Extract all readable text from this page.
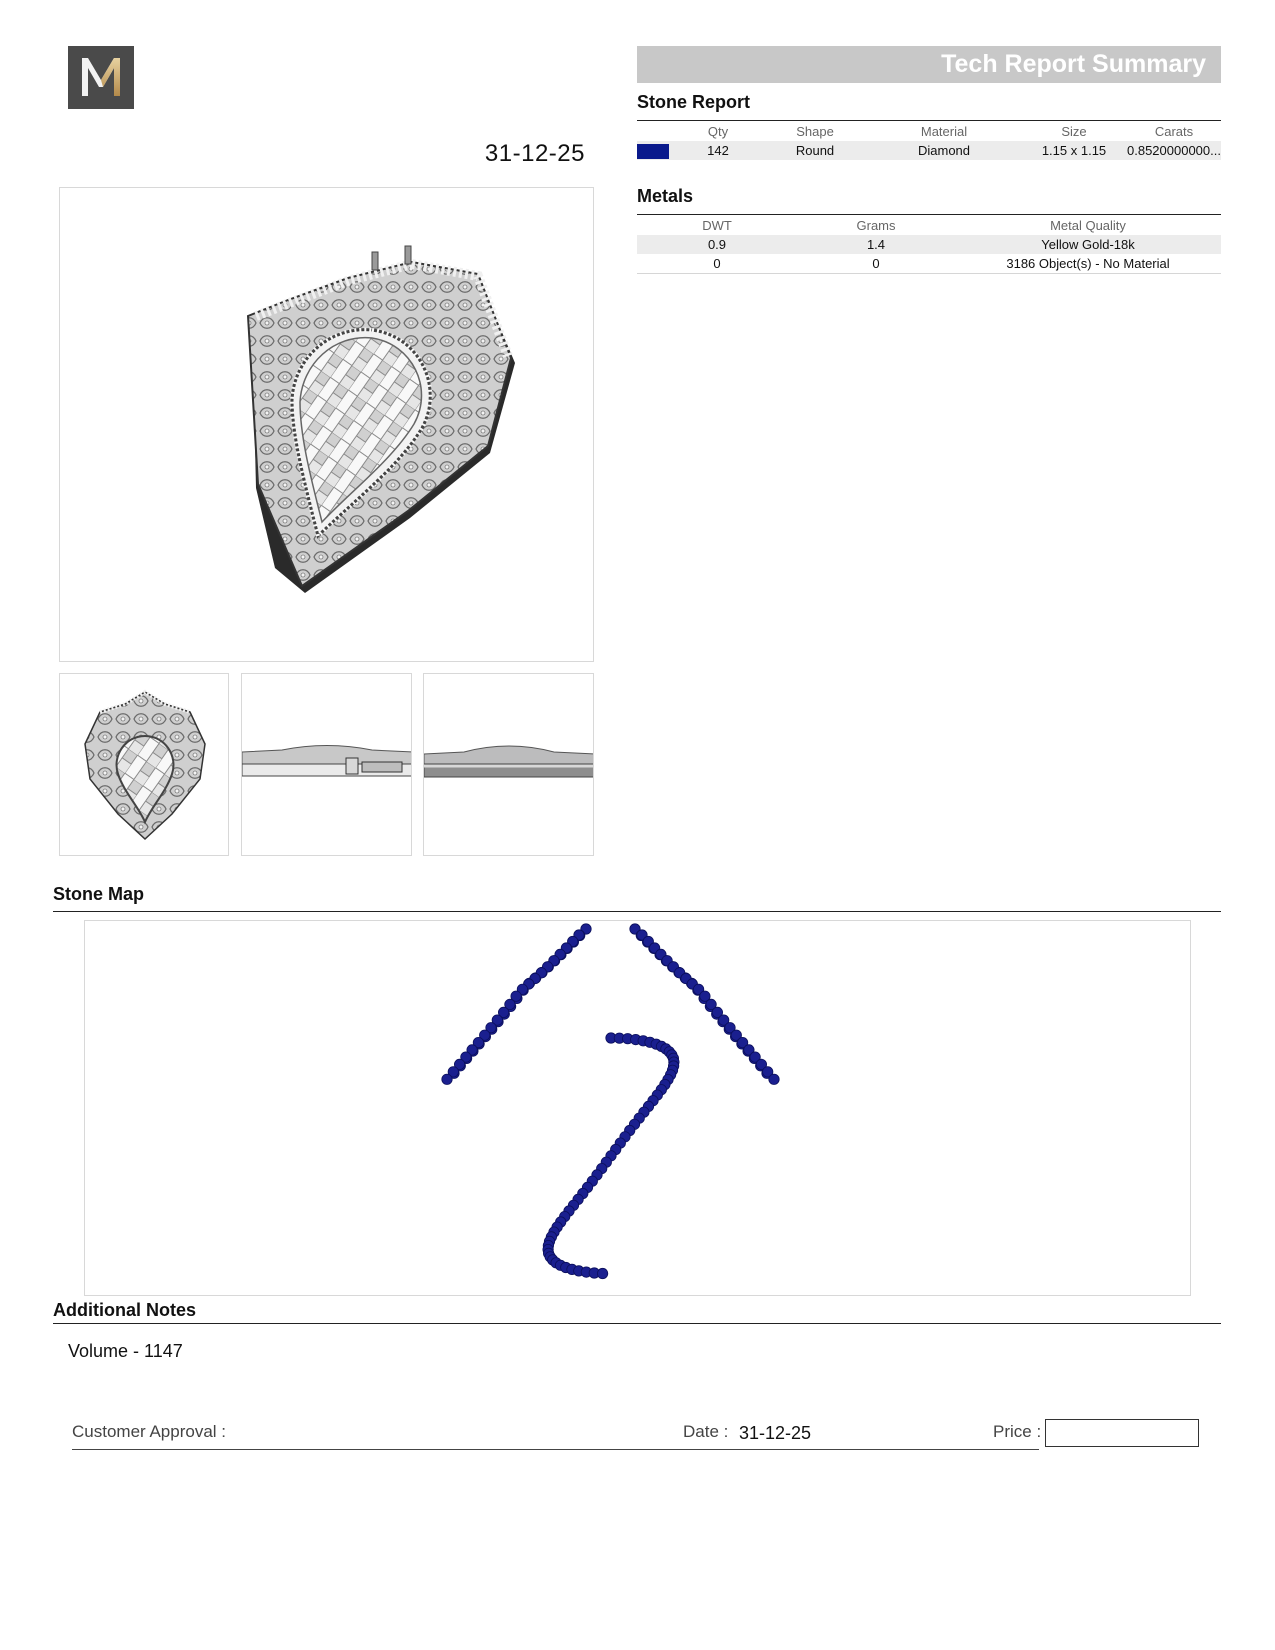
31-12-25
Tech Report Summary
Stone Report
	Qty	Shape	Material	Size	Carats
	142	Round	Diamond	1.15 x 1.15	0.8520000000...
Metals
DWT	Grams	Metal Quality
0.9	1.4	Yellow Gold-18k
0	0	3186 Object(s) - No Material
Stone Map
Additional Notes
Volume - 1147
Customer Approval :	Date : 31-12-25	Price :
